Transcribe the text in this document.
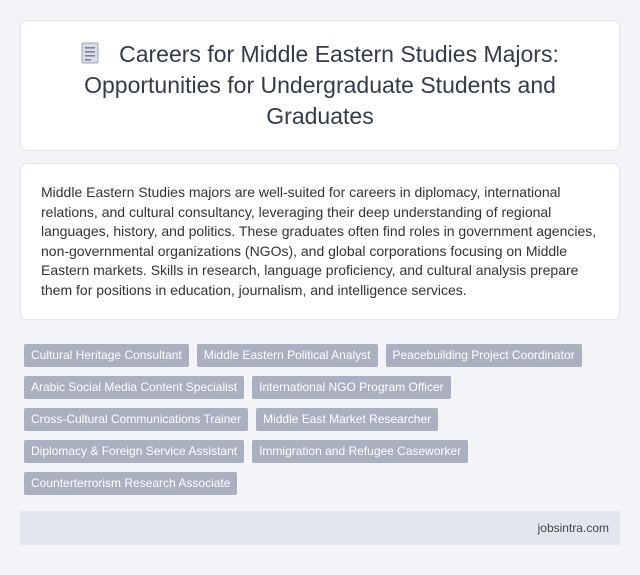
Careers for Middle Eastern Studies Majors: Opportunities for Undergraduate Students and Graduates

Middle Eastern Studies majors are well-suited for careers in diplomacy, international relations, and cultural consultancy, leveraging their deep understanding of regional languages, history, and politics. These graduates often find roles in government agencies, non-governmental organizations (NGOs), and global corporations focusing on Middle Eastern markets. Skills in research, language proficiency, and cultural analysis prepare them for positions in education, journalism, and intelligence services.

Cultural Heritage Consultant	Middle Eastern Political Analyst	Peacebuilding Project Coordinator
Arabic Social Media Content Specialist	International NGO Program Officer
Cross-Cultural Communications Trainer	Middle East Market Researcher
Diplomacy & Foreign Service Assistant	Immigration and Refugee Caseworker
Counterterrorism Research Associate
jobsintra.com
